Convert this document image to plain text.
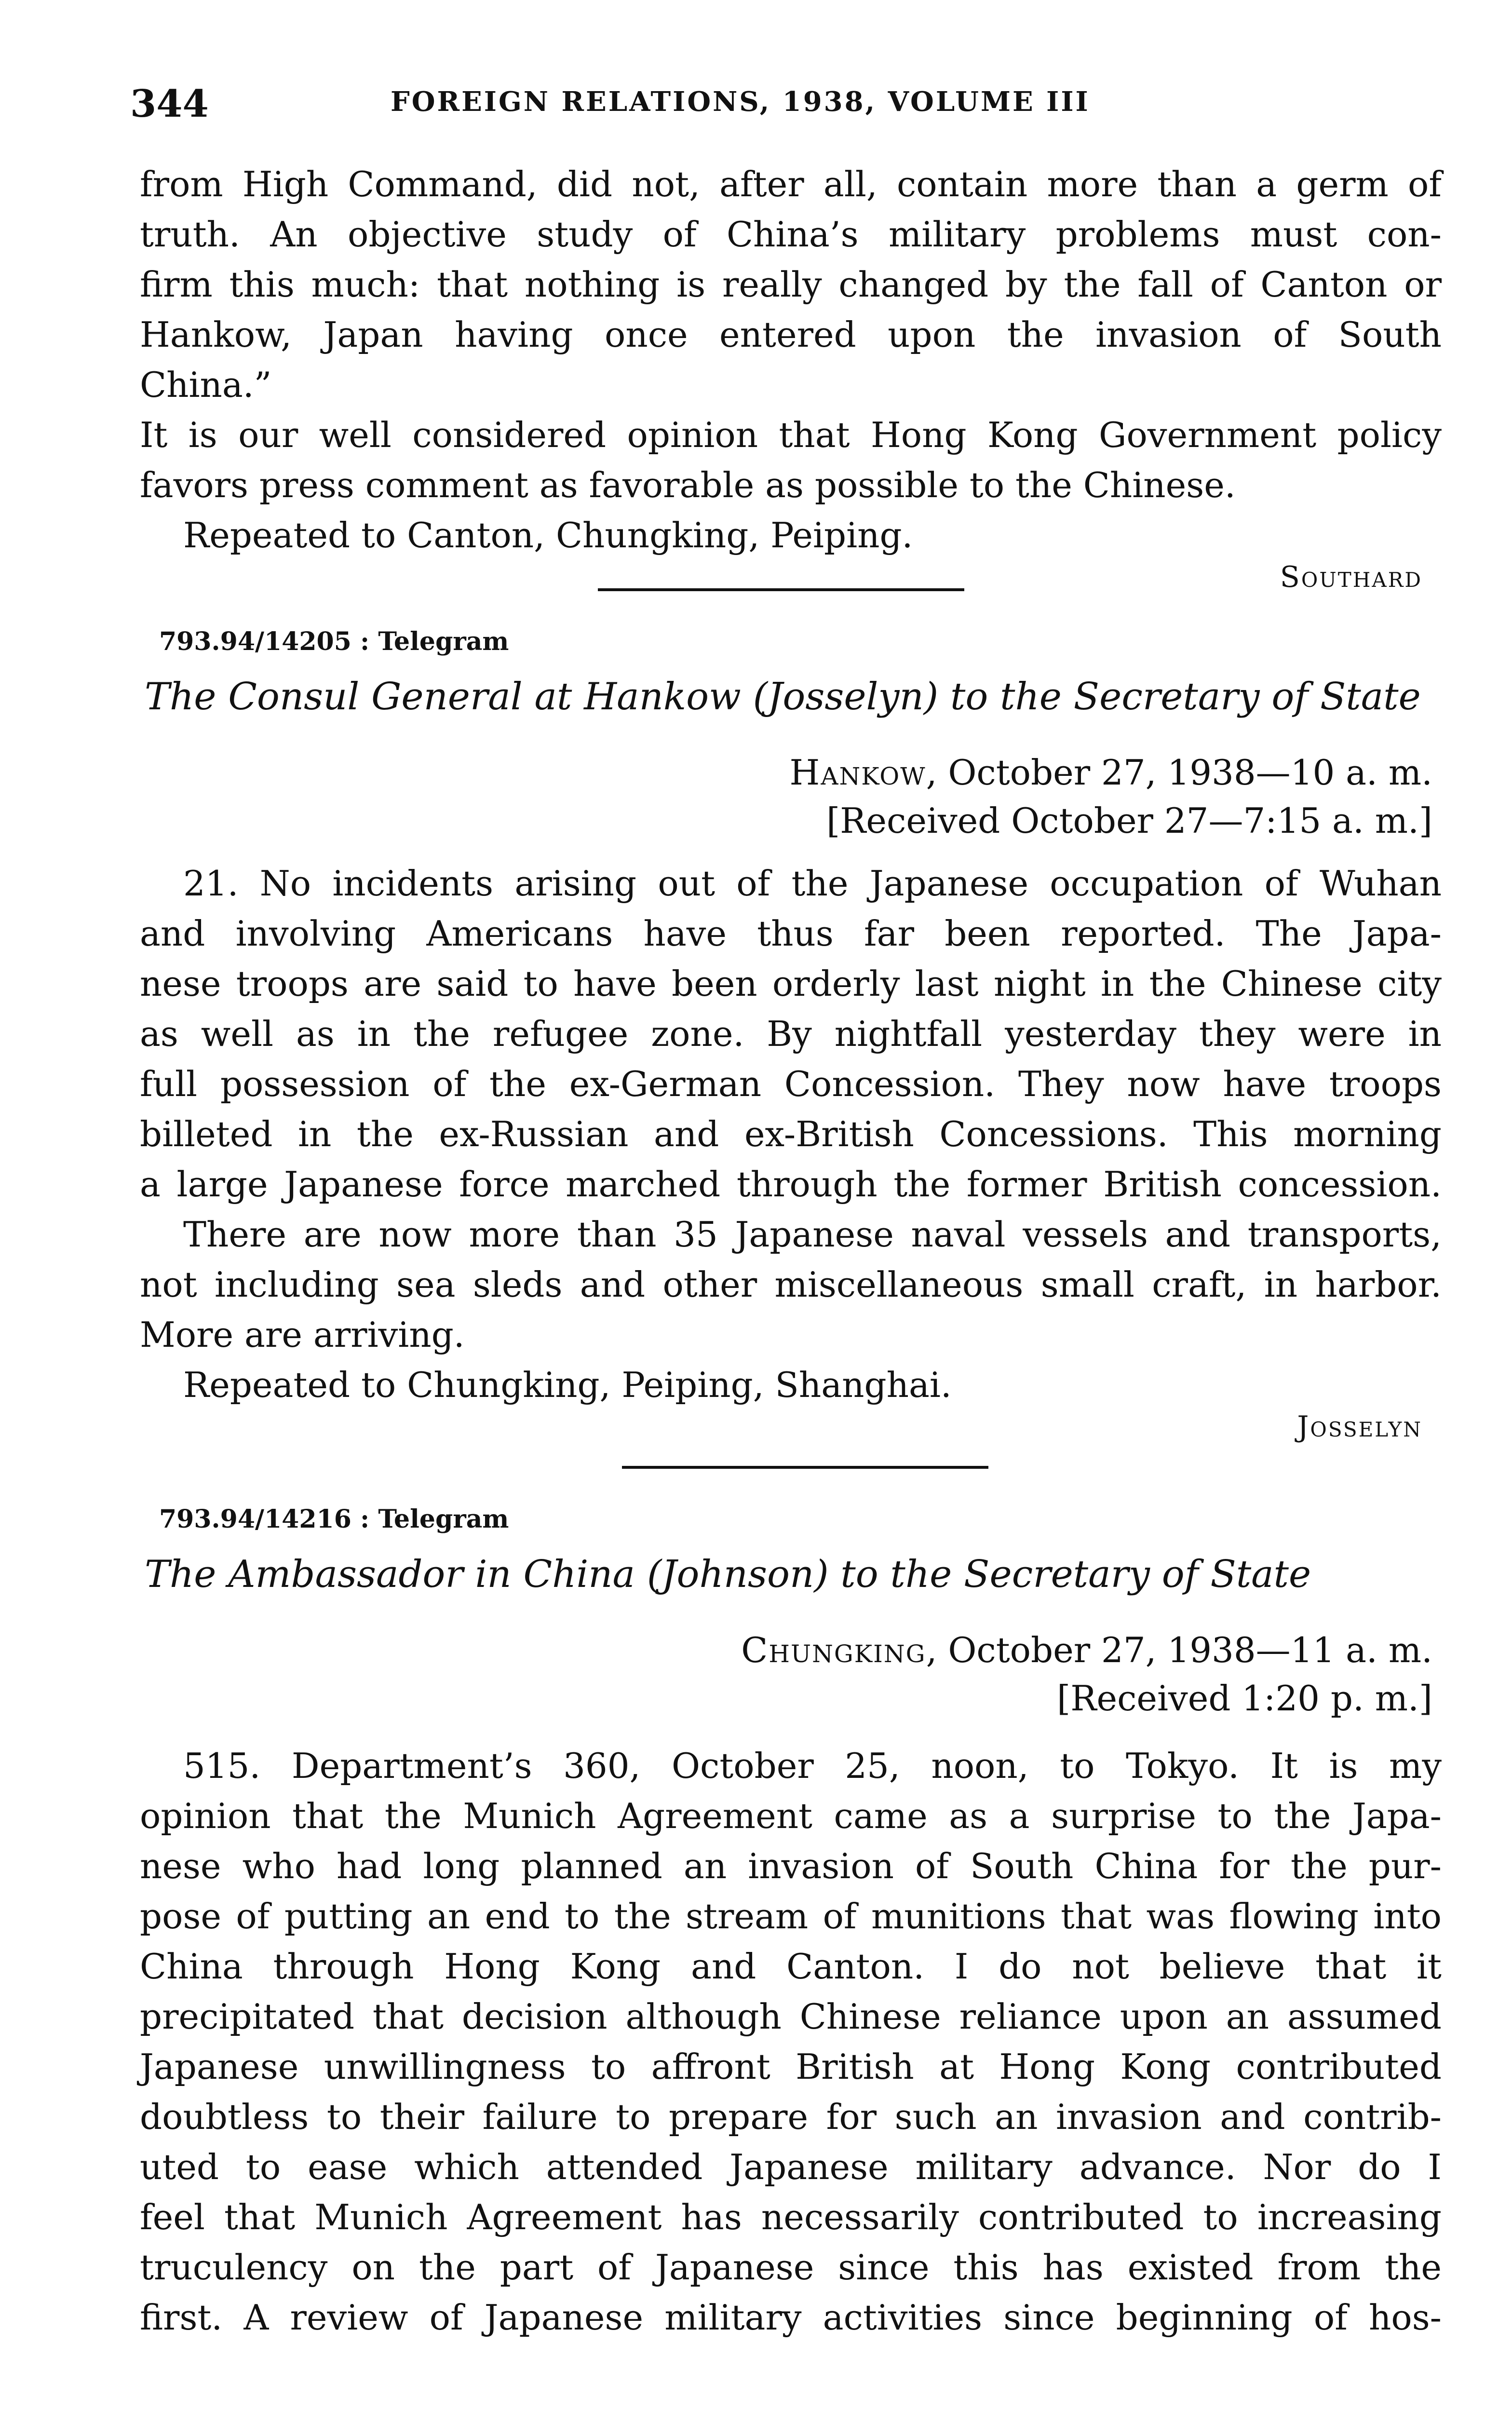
344	FOREIGN RELATIONS, 1938, VOLUME III
from High Command, did not, after all, contain more than a germ of
truth. An objective study of China’s military problems must con-
firm this much: that nothing is really changed by the fall of Canton or
Hankow, Japan having once entered upon the invasion of South
China.”
It is our well considered opinion that Hong Kong Government policy
favors press comment as favorable as possible to the Chinese.
Repeated to Canton, Chungking, Peiping.
Southard
793.94/14205 : Telegram
The Consul General at Hankow (Josselyn) to the Secretary of State
Hankow, October 27, 1938—10 a. m.
[Received October 27—7:15 a. m.]
21. No incidents arising out of the Japanese occupation of Wuhan
and involving Americans have thus far been reported. The Japa-
nese troops are said to have been orderly last night in the Chinese city
as well as in the refugee zone. By nightfall yesterday they were in
full possession of the ex-German Concession. They now have troops
billeted in the ex-Russian and ex-British Concessions. This morning
a large Japanese force marched through the former British concession.
There are now more than 35 Japanese naval vessels and transports,
not including sea sleds and other miscellaneous small craft, in harbor.
More are arriving.
Repeated to Chungking, Peiping, Shanghai.
Josselyn
793.94/14216 : Telegram
The Ambassador in China (Johnson) to the Secretary of State
Chungking, October 27, 1938—11 a. m.
[Received 1:20 p. m.]
515. Department’s 360, October 25, noon, to Tokyo. It is my
opinion that the Munich Agreement came as a surprise to the Japa-
nese who had long planned an invasion of South China for the pur-
pose of putting an end to the stream of munitions that was flowing into
China through Hong Kong and Canton. I do not believe that it
precipitated that decision although Chinese reliance upon an assumed
Japanese unwillingness to affront British at Hong Kong contributed
doubtless to their failure to prepare for such an invasion and contrib-
uted to ease which attended Japanese military advance. Nor do I
feel that Munich Agreement has necessarily contributed to increasing
truculency on the part of Japanese since this has existed from the
first. A review of Japanese military activities since beginning of hos-
